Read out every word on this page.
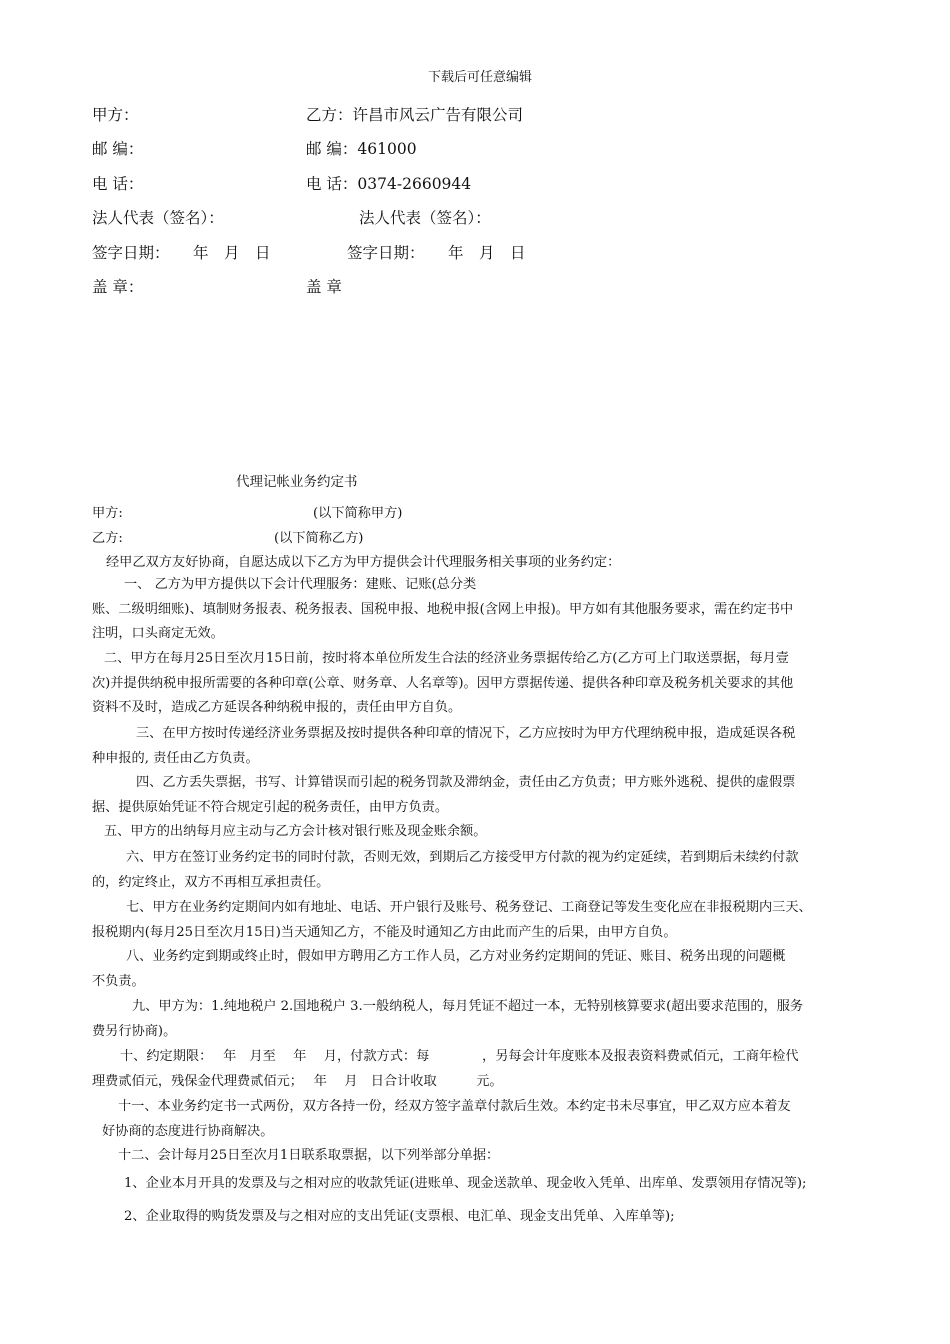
下载后可任意编辑
甲方：	乙方：许昌市风云广告有限公司
邮 编：	邮 编：461000
电 话：	电 话：0374-2660944
法人代表（签名）：	法人代表（签名）：
签字日期： 年　月　日	签字日期： 年　月　日
盖 章：	盖 章
代理记帐业务约定书
甲方:	(以下简称甲方)
乙方:	(以下简称乙方)
经甲乙双方友好协商，自愿达成以下乙方为甲方提供会计代理服务相关事项的业务约定：
一、 乙方为甲方提供以下会计代理服务：建账、记账(总分类
账、二级明细账)、填制财务报表、税务报表、国税申报、地税申报(含网上申报)。甲方如有其他服务要求，需在约定书中
注明，口头商定无效。
二、甲方在每月25日至次月15日前，按时将本单位所发生合法的经济业务票据传给乙方(乙方可上门取送票据，每月壹
次)并提供纳税申报所需要的各种印章(公章、财务章、人名章等)。因甲方票据传递、提供各种印章及税务机关要求的其他
资料不及时，造成乙方延误各种纳税申报的，责任由甲方自负。
三、在甲方按时传递经济业务票据及按时提供各种印章的情况下，乙方应按时为甲方代理纳税申报，造成延误各税
种申报的, 责任由乙方负责。
四、乙方丢失票据，书写、计算错误而引起的税务罚款及滞纳金，责任由乙方负责；甲方账外逃税、提供的虚假票
据、提供原始凭证不符合规定引起的税务责任，由甲方负责。
五、甲方的出纳每月应主动与乙方会计核对银行账及现金账余额。
六、甲方在签订业务约定书的同时付款，否则无效，到期后乙方接受甲方付款的视为约定延续，若到期后未续约付款
的，约定终止，双方不再相互承担责任。
七、甲方在业务约定期间内如有地址、电话、开户银行及账号、税务登记、工商登记等发生变化应在非报税期内三天、
报税期内(每月25日至次月15日)当天通知乙方，不能及时通知乙方由此而产生的后果，由甲方自负。
八、业务约定到期或终止时，假如甲方聘用乙方工作人员，乙方对业务约定期间的凭证、账目、税务出现的问题概
不负责。
九、甲方为：1.纯地税户 2.国地税户 3.一般纳税人，每月凭证不超过一本，无特别核算要求(超出要求范围的，服务
费另行协商)。
十、约定期限：　 年　月至　 年　 月，付款方式：每　　　　，另每会计年度账本及报表资料费贰佰元，工商年检代
理费贰佰元，残保金代理费贰佰元；　 年　 月　日合计收取　　　元。
十一、本业务约定书一式两份，双方各持一份，经双方签字盖章付款后生效。本约定书未尽事宜，甲乙双方应本着友
好协商的态度进行协商解决。
十二、会计每月25日至次月1日联系取票据，以下列举部分单据：
1、企业本月开具的发票及与之相对应的收款凭证(进账单、现金送款单、现金收入凭单、出库单、发票领用存情况等);
2、企业取得的购货发票及与之相对应的支出凭证(支票根、电汇单、现金支出凭单、入库单等);
